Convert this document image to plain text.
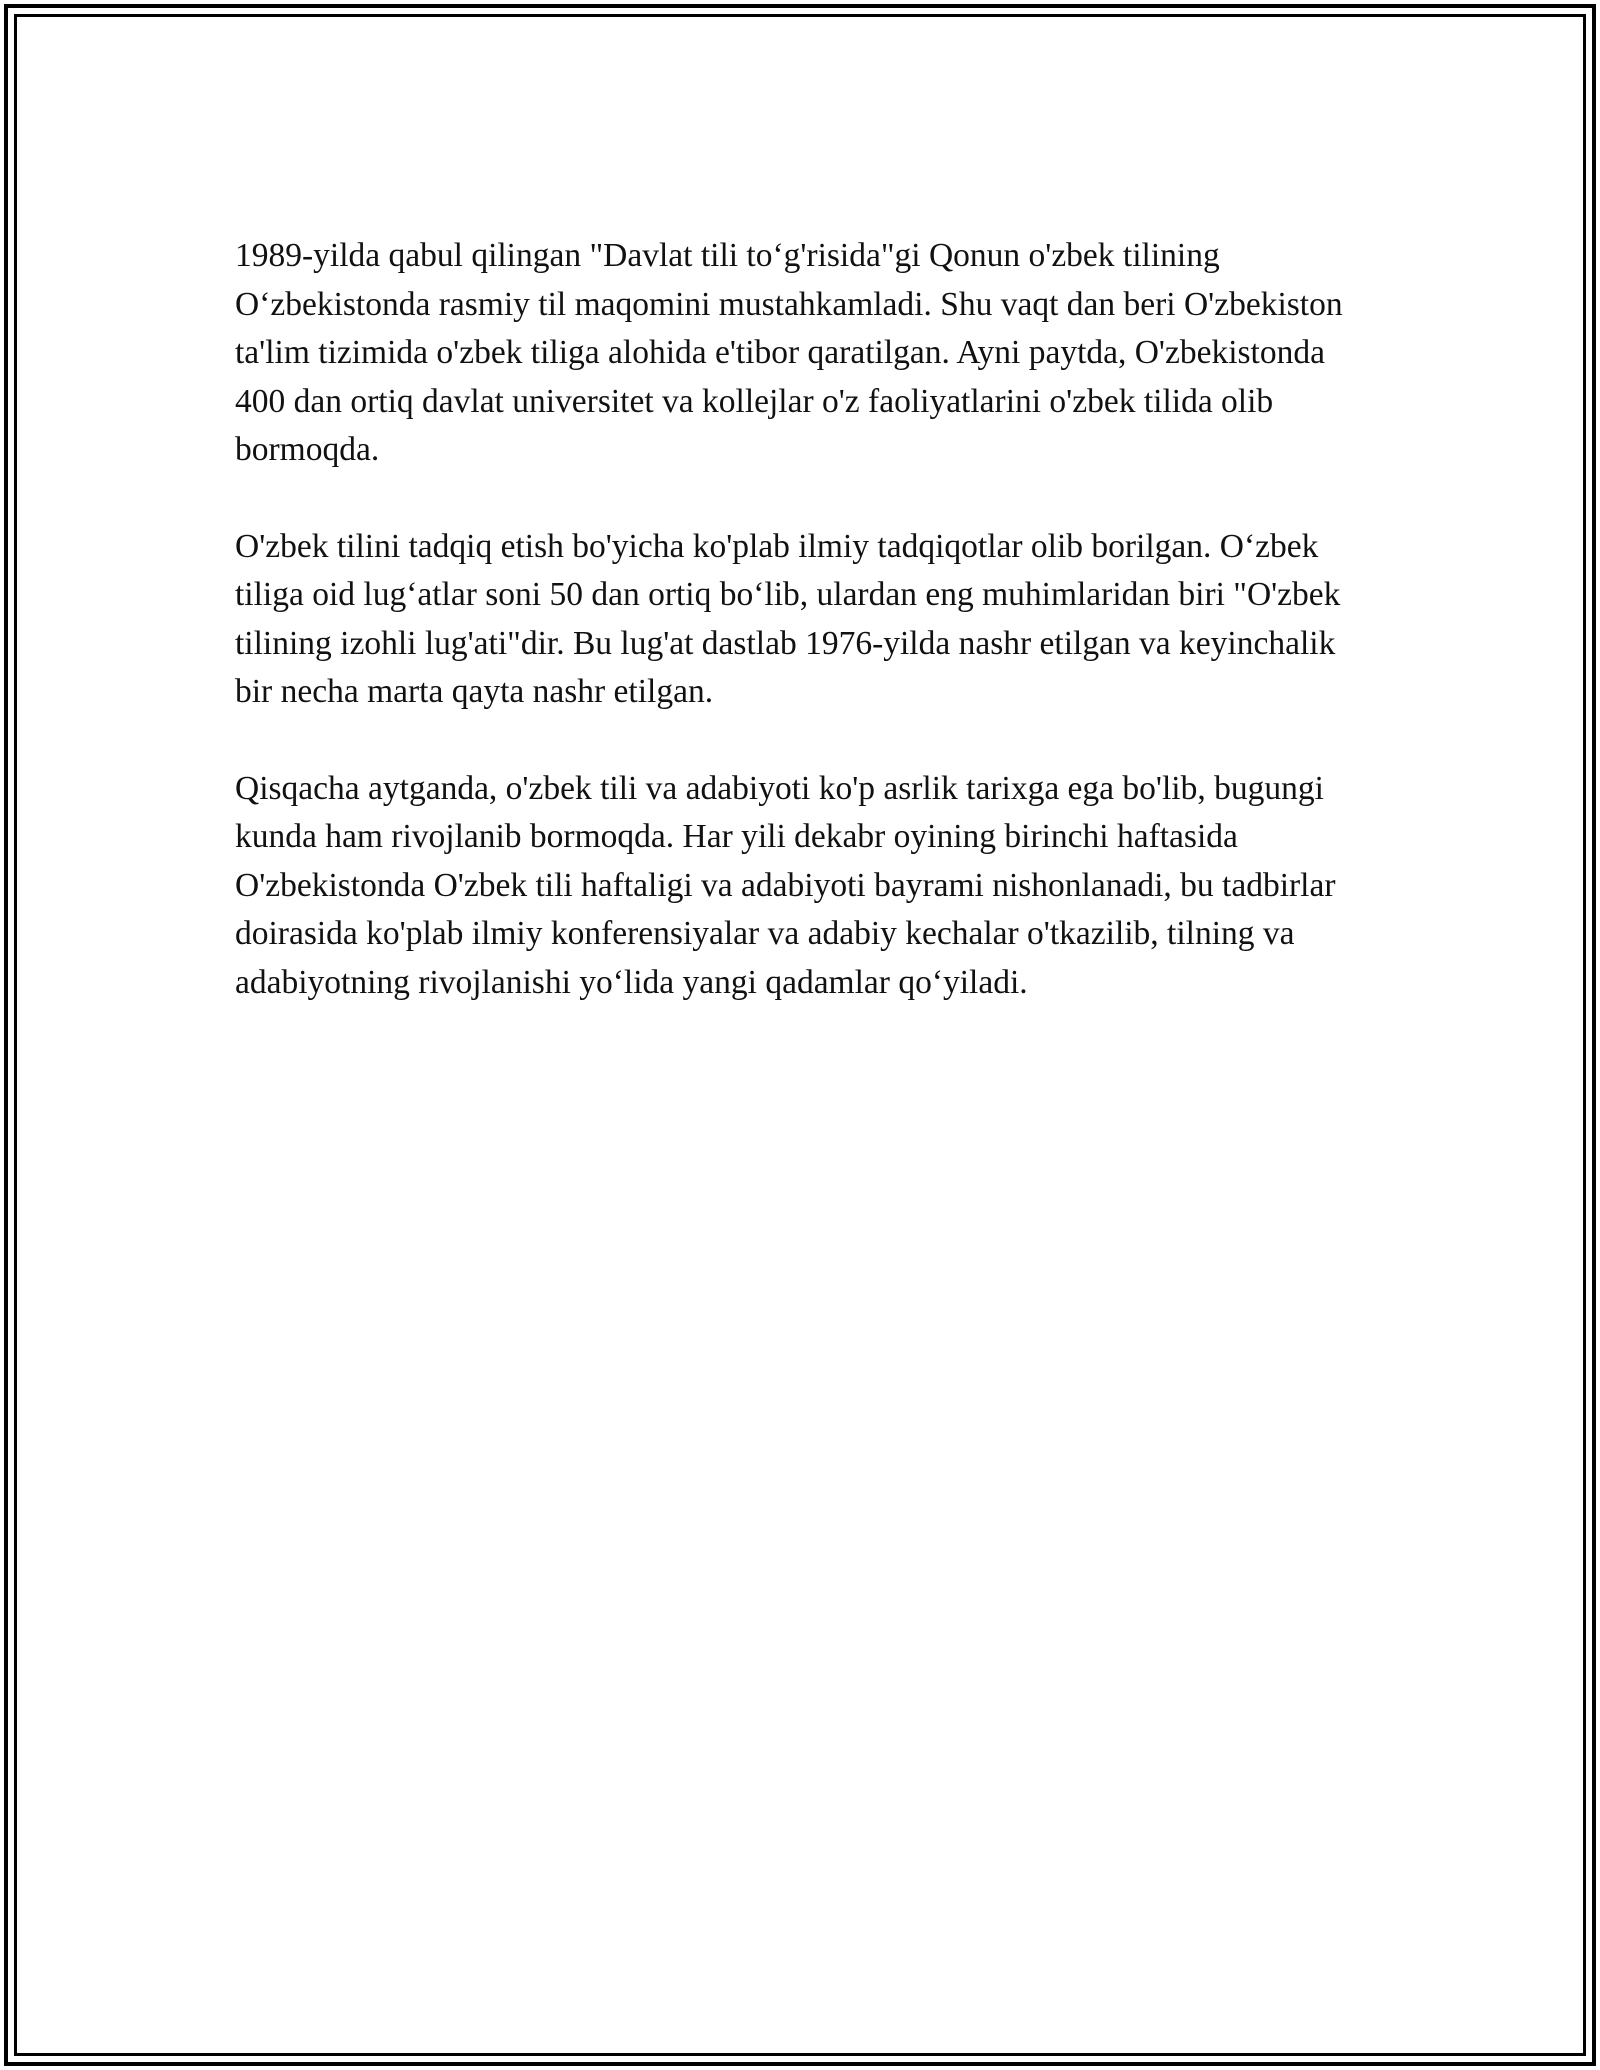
1989-yilda qabul qilingan "Davlat tili to‘g'risida"gi Qonun o'zbek tilining O‘zbekistonda rasmiy til maqomini mustahkamladi. Shu vaqt dan beri O'zbekiston ta'lim tizimida o'zbek tiliga alohida e'tibor qaratilgan. Ayni paytda, O'zbekistonda 400 dan ortiq davlat universitet va kollejlar o'z faoliyatlarini o'zbek tilida olib bormoqda.

O'zbek tilini tadqiq etish bo'yicha ko'plab ilmiy tadqiqotlar olib borilgan. O‘zbek tiliga oid lug‘atlar soni 50 dan ortiq bo‘lib, ulardan eng muhimlaridan biri "O'zbek tilining izohli lug'ati"dir. Bu lug'at dastlab 1976-yilda nashr etilgan va keyinchalik bir necha marta qayta nashr etilgan.

Qisqacha aytganda, o'zbek tili va adabiyoti ko'p asrlik tarixga ega bo'lib, bugungi kunda ham rivojlanib bormoqda. Har yili dekabr oyining birinchi haftasida O'zbekistonda O'zbek tili haftaligi va adabiyoti bayrami nishonlanadi, bu tadbirlar doirasida ko'plab ilmiy konferensiyalar va adabiy kechalar o'tkazilib, tilning va adabiyotning rivojlanishi yo‘lida yangi qadamlar qo‘yiladi.
